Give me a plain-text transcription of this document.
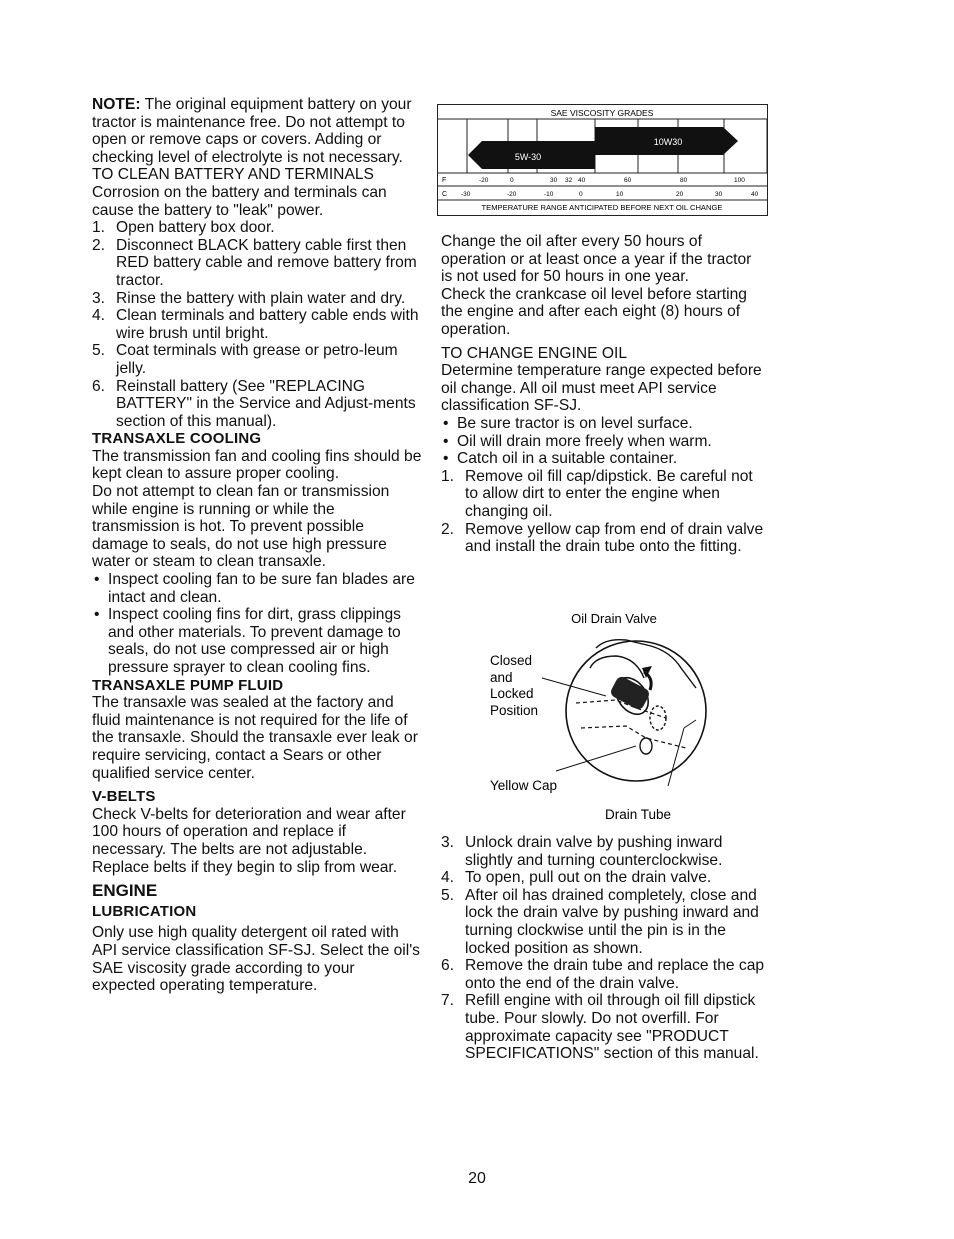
NOTE: The original equipment battery on your tractor is maintenance free. Do not attempt to open or remove caps or covers. Adding or checking level of electrolyte is not necessary.

TO CLEAN BATTERY AND TERMINALS

Corrosion on the battery and terminals can cause the battery to "leak" power.

1. Open battery box door.
2. Disconnect BLACK battery cable first then RED battery cable and remove battery from tractor.
3. Rinse the battery with plain water and dry.
4. Clean terminals and battery cable ends with wire brush until bright.
5. Coat terminals with grease or petro-leum jelly.
6. Reinstall battery (See "REPLACING BATTERY" in the Service and Adjust-ments section of this manual).

TRANSAXLE COOLING

The transmission fan and cooling fins should be kept clean to assure proper cooling.

Do not attempt to clean fan or transmission while engine is running or while the transmission is hot. To prevent possible damage to seals, do not use high pressure water or steam to clean transaxle.

• Inspect cooling fan to be sure fan blades are intact and clean.
• Inspect cooling fins for dirt, grass clippings and other materials. To prevent damage to seals, do not use compressed air or high pressure sprayer to clean cooling fins.

TRANSAXLE PUMP FLUID

The transaxle was sealed at the factory and fluid maintenance is not required for the life of the transaxle. Should the transaxle ever leak or require servicing, contact a Sears or other qualified service center.

V-BELTS

Check V-belts for deterioration and wear after 100 hours of operation and replace if necessary. The belts are not adjustable. Replace belts if they begin to slip from wear.

ENGINE

LUBRICATION

Only use high quality detergent oil rated with API service classification SF-SJ. Select the oil's SAE viscosity grade according to your expected operating temperature.

SAE VISCOSITY GRADES
10W30
5W-30
F	-20	0	30 32 40	60	80	100
C -30	-20	-10	0	10	20	30	40
TEMPERATURE RANGE ANTICIPATED BEFORE NEXT OIL CHANGE

Change the oil after every 50 hours of operation or at least once a year if the tractor is not used for 50 hours in one year.

Check the crankcase oil level before starting the engine and after each eight (8) hours of operation.

TO CHANGE ENGINE OIL

Determine temperature range expected before oil change. All oil must meet API service classification SF-SJ.

• Be sure tractor is on level surface.
• Oil will drain more freely when warm.
• Catch oil in a suitable container.
1. Remove oil fill cap/dipstick. Be careful not to allow dirt to enter the engine when changing oil.
2. Remove yellow cap from end of drain valve and install the drain tube onto the fitting.
Oil Drain Valve
Closed
and
Locked
Position
Yellow Cap
Drain Tube
3. Unlock drain valve by pushing inward slightly and turning counterclockwise.
4. To open, pull out on the drain valve.
5. After oil has drained completely, close and lock the drain valve by pushing inward and turning clockwise until the pin is in the locked position as shown.
6. Remove the drain tube and replace the cap onto the end of the drain valve.
7. Refill engine with oil through oil fill dipstick tube. Pour slowly. Do not overfill. For approximate capacity see "PRODUCT SPECIFICATIONS" section of this manual.
20
